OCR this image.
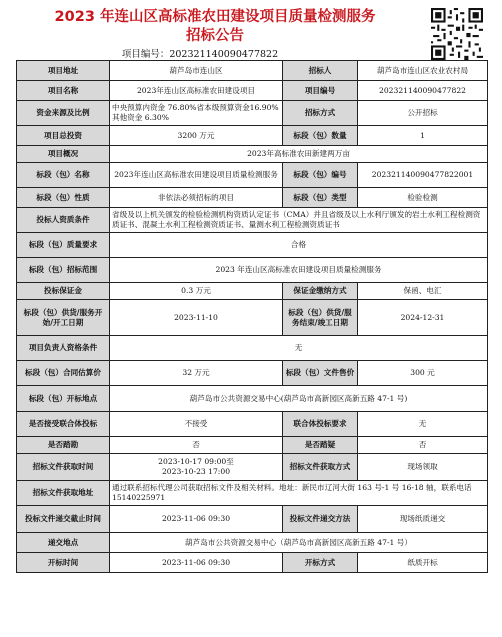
2023 年连山区高标准农田建设项目质量检测服务
招标公告
项目编号：20232114009047782​2
项目地址	葫芦岛市连山区	招标人	葫芦岛市连山区农业农村局
项目名称	2023年连山区高标准农田建设项目	项目编号	20232114009047782​2
资金来源及比例	中央预算内资金 76.80%省本级预算资金16.90%其他资金 6.30%	招标方式	公开招标
项目总投资	3200 万元	标段（包）数量	1
项目概况	2023年高标准农田新建两万亩		
标段（包）名称	2023年连山区高标准农田建设项目质量检测服务	标段（包）编号	20232114009047782​2001
标段（包）性质	非依法必须招标的项目	标段（包）类型	检验检测
投标人资质条件	省级及以上机关颁发的检验检测机构资质认定证书（CMA）并且省级及以上水利厅颁发的岩土水利工程检测资质证书、混凝土水利工程检测资质证书、量测水利工程检测资质证书		
标段（包）质量要求	合格		
标段（包）招标范围	2023 年连山区高标准农田建设项目质量检测服务		
投标保证金	0.3 万元	保证金缴纳方式	保函、电汇
标段（包）供货/服务开始/开工日期	2023-11-10	标段（包）供货/服务结束/竣工日期	2024-12-31
项目负责人资格条件	无		
标段（包）合同估算价	32 万元	标段（包）文件售价	300 元
标段（包）开标地点	葫芦岛市公共资源交易中心(葫芦岛市高新园区高新五路 47-1 号)		
是否接受联合体投标	不接受	联合体投标要求	无
是否踏勘	否	是否踏疑	否
招标文件获取时间	2023-10-17 09:00至
2023-10-23 17:00	招标文件获取方式	现场领取
招标文件获取地址	通过联系招标代理公司获取招标文件及相关材料。地址：新民市辽河大街 163 号-1 号 16-18 轴，联系电话 15140225971		
投标文件递交截止时间	2023-11-06 09:30	投标文件递交方法	现场纸质递交
递交地点	葫芦岛市公共资源交易中心（葫芦岛市高新园区高新五路 47-1 号）		
开标时间	2023-11-06 09:30	开标方式	纸质开标
